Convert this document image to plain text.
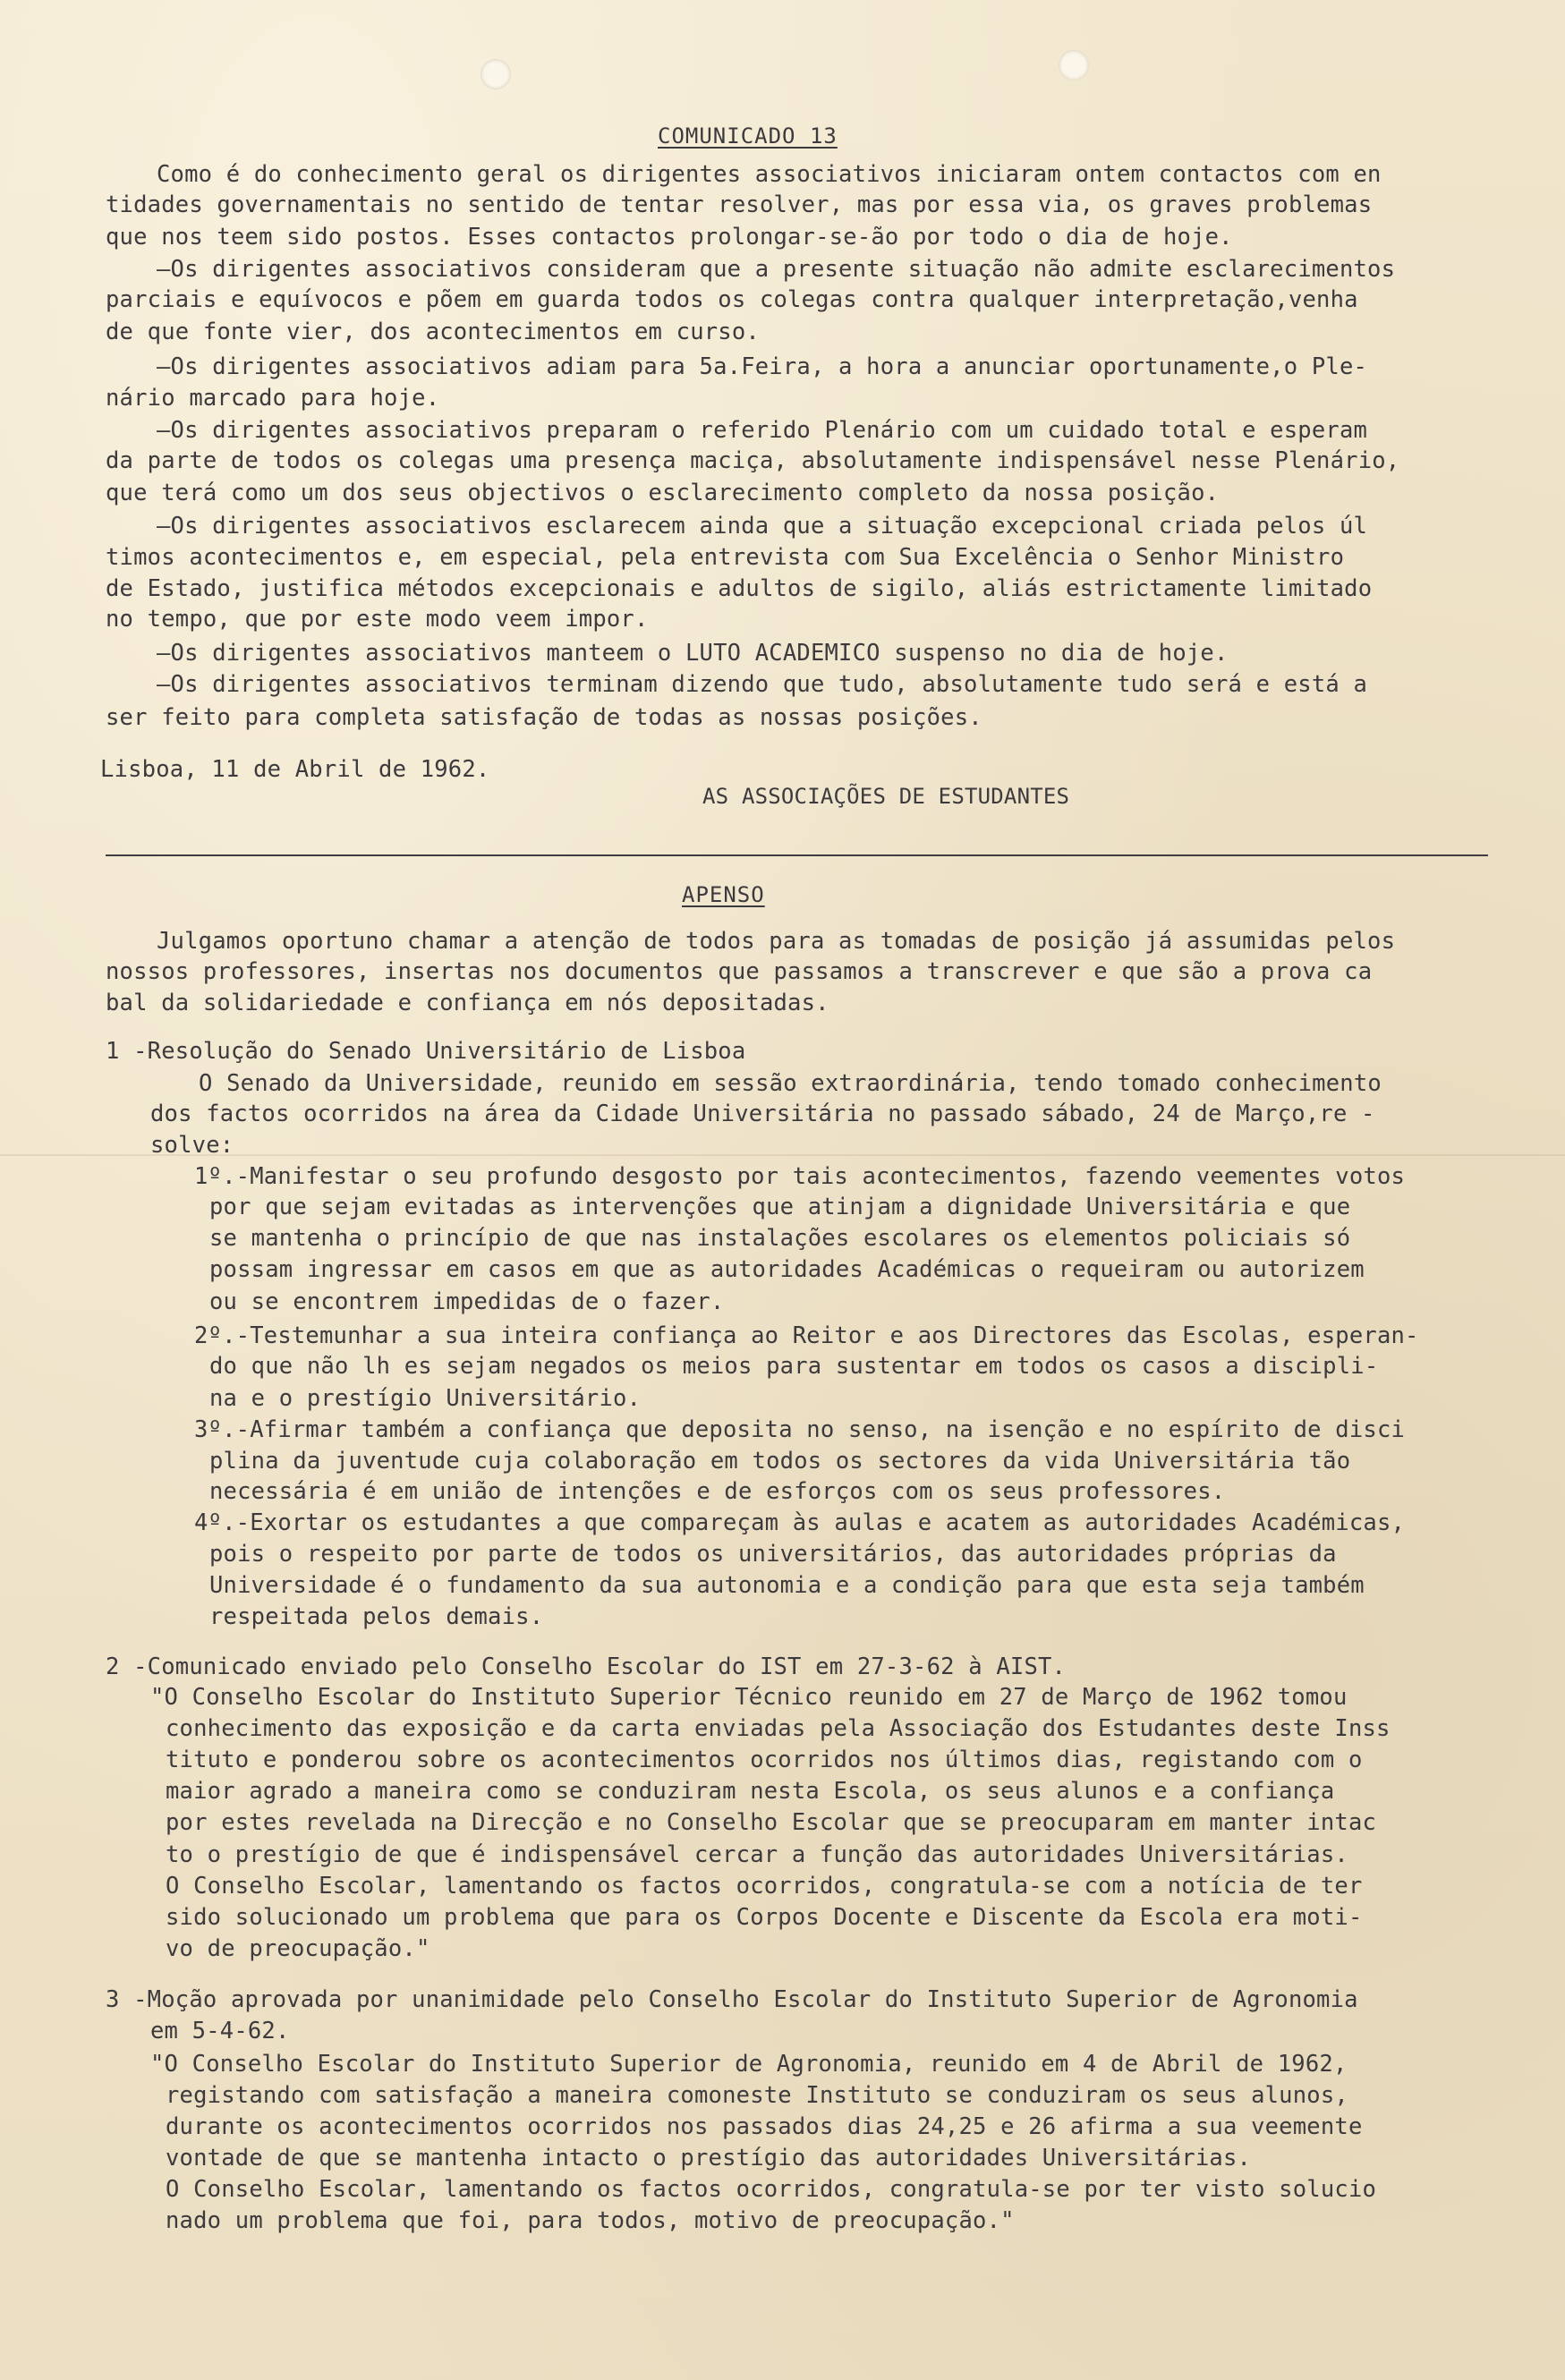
COMUNICADO 13
Como é do conhecimento geral os dirigentes associativos iniciaram ontem contactos com en
tidades governamentais no sentido de tentar resolver, mas por essa via, os graves problemas
que nos teem sido postos. Esses contactos prolongar-se-ão por todo o dia de hoje.
—Os dirigentes associativos consideram que a presente situação não admite esclarecimentos
parciais e equívocos e põem em guarda todos os colegas contra qualquer interpretação,venha
de que fonte vier, dos acontecimentos em curso.
—Os dirigentes associativos adiam para 5a.Feira, a hora a anunciar oportunamente,o Ple-
nário marcado para hoje.
—Os dirigentes associativos preparam o referido Plenário com um cuidado total e esperam
da parte de todos os colegas uma presença maciça, absolutamente indispensável nesse Plenário,
que terá como um dos seus objectivos o esclarecimento completo da nossa posição.
—Os dirigentes associativos esclarecem ainda que a situação excepcional criada pelos úl
timos acontecimentos e, em especial, pela entrevista com Sua Excelência o Senhor Ministro
de Estado, justifica métodos excepcionais e adultos de sigilo, aliás estrictamente limitado
no tempo, que por este modo veem impor.
—Os dirigentes associativos manteem o LUTO ACADEMICO suspenso no dia de hoje.
—Os dirigentes associativos terminam dizendo que tudo, absolutamente tudo será e está a
ser feito para completa satisfação de todas as nossas posições.
Lisboa, 11 de Abril de 1962.
AS ASSOCIAÇÕES DE ESTUDANTES
APENSO
Julgamos oportuno chamar a atenção de todos para as tomadas de posição já assumidas pelos
nossos professores, insertas nos documentos que passamos a transcrever e que são a prova ca
bal da solidariedade e confiança em nós depositadas.
1 -Resolução do Senado Universitário de Lisboa
O Senado da Universidade, reunido em sessão extraordinária, tendo tomado conhecimento
dos factos ocorridos na área da Cidade Universitária no passado sábado, 24 de Março,re -
solve:
1º.-Manifestar o seu profundo desgosto por tais acontecimentos, fazendo veementes votos
por que sejam evitadas as intervenções que atinjam a dignidade Universitária e que
se mantenha o princípio de que nas instalações escolares os elementos policiais só
possam ingressar em casos em que as autoridades Académicas o requeiram ou autorizem
ou se encontrem impedidas de o fazer.
2º.-Testemunhar a sua inteira confiança ao Reitor e aos Directores das Escolas, esperan-
do que não lh es sejam negados os meios para sustentar em todos os casos a discipli-
na e o prestígio Universitário.
3º.-Afirmar também a confiança que deposita no senso, na isenção e no espírito de disci
plina da juventude cuja colaboração em todos os sectores da vida Universitária tão
necessária é em união de intenções e de esforços com os seus professores.
4º.-Exortar os estudantes a que compareçam às aulas e acatem as autoridades Académicas,
pois o respeito por parte de todos os universitários, das autoridades próprias da
Universidade é o fundamento da sua autonomia e a condição para que esta seja também
respeitada pelos demais.
2 -Comunicado enviado pelo Conselho Escolar do IST em 27-3-62 à AIST.
"O Conselho Escolar do Instituto Superior Técnico reunido em 27 de Março de 1962 tomou
conhecimento das exposição e da carta enviadas pela Associação dos Estudantes deste Inss
tituto e ponderou sobre os acontecimentos ocorridos nos últimos dias, registando com o
maior agrado a maneira como se conduziram nesta Escola, os seus alunos e a confiança
por estes revelada na Direcção e no Conselho Escolar que se preocuparam em manter intac
to o prestígio de que é indispensável cercar a função das autoridades Universitárias.
O Conselho Escolar, lamentando os factos ocorridos, congratula-se com a notícia de ter
sido solucionado um problema que para os Corpos Docente e Discente da Escola era moti-
vo de preocupação."
3 -Moção aprovada por unanimidade pelo Conselho Escolar do Instituto Superior de Agronomia
em 5-4-62.
"O Conselho Escolar do Instituto Superior de Agronomia, reunido em 4 de Abril de 1962,
registando com satisfação a maneira comoneste Instituto se conduziram os seus alunos,
durante os acontecimentos ocorridos nos passados dias 24,25 e 26 afirma a sua veemente
vontade de que se mantenha intacto o prestígio das autoridades Universitárias.
O Conselho Escolar, lamentando os factos ocorridos, congratula-se por ter visto solucio
nado um problema que foi, para todos, motivo de preocupação."
